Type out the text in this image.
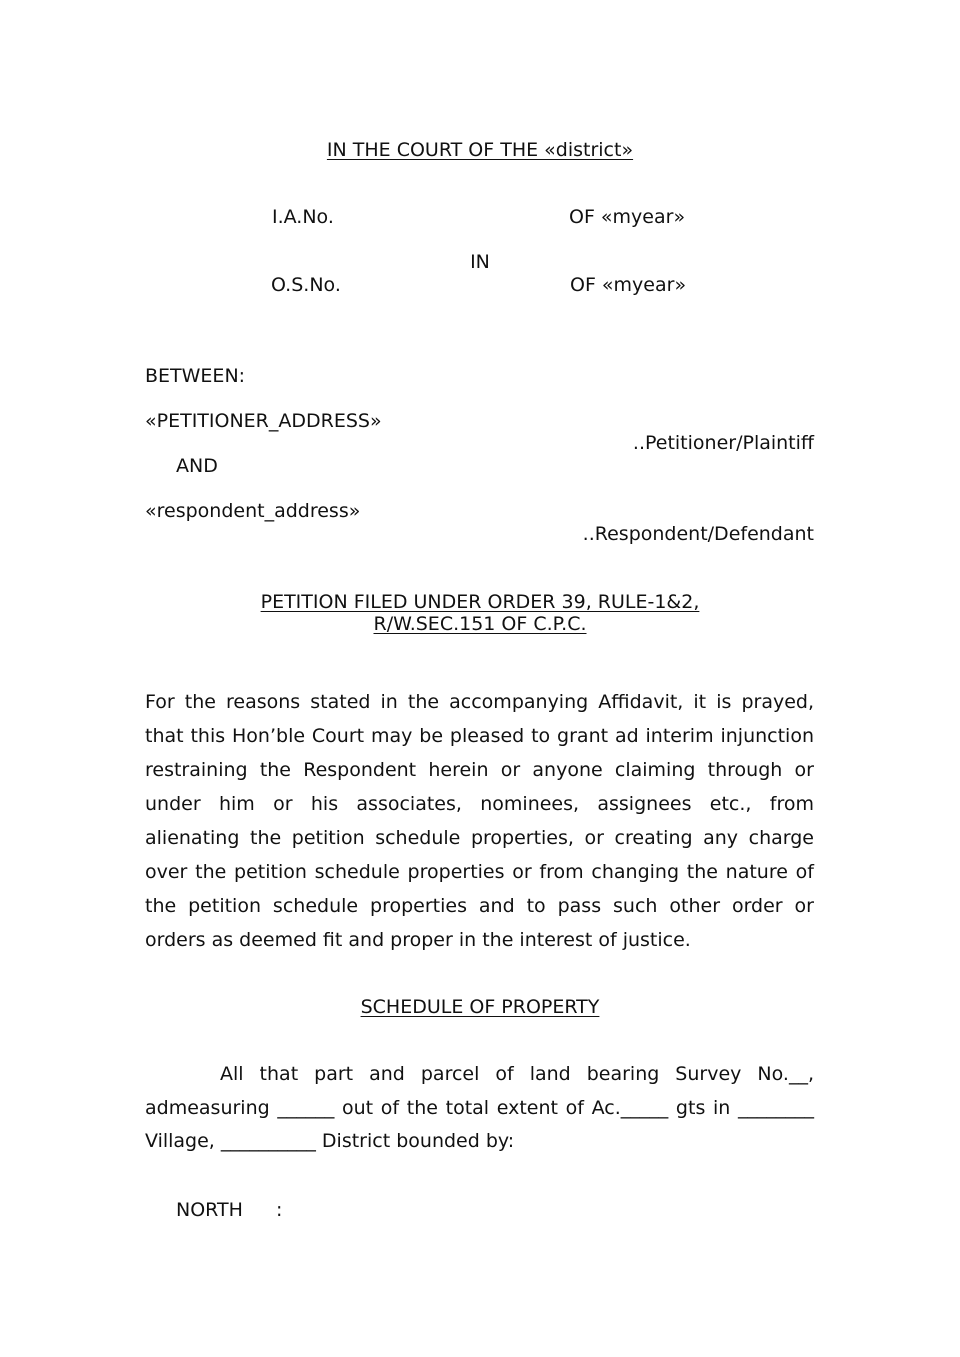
IN THE COURT OF THE «district»
I.A.No.	OF «myear»
IN
O.S.No.	OF «myear»
BETWEEN:
«PETITIONER_ADDRESS»
..Petitioner/Plaintiff
AND
«respondent_address»
..Respondent/Defendant
PETITION FILED UNDER ORDER 39, RULE-1&2,
R/W.SEC.151 OF C.P.C.
For the reasons stated in the accompanying Affidavit, it is prayed, that this Hon’ble Court may be pleased to grant ad interim injunction restraining the Respondent herein or anyone claiming through or under him or his associates, nominees, assignees etc., from alienating the petition schedule properties, or creating any charge over the petition schedule properties or from changing the nature of the petition schedule properties and to pass such other order or orders as deemed fit and proper in the interest of justice.
SCHEDULE OF PROPERTY
All that part and parcel of land bearing Survey No.__, admeasuring ______ out of the total extent of Ac._____ gts in ________ Village, __________ District bounded by:
NORTH :
